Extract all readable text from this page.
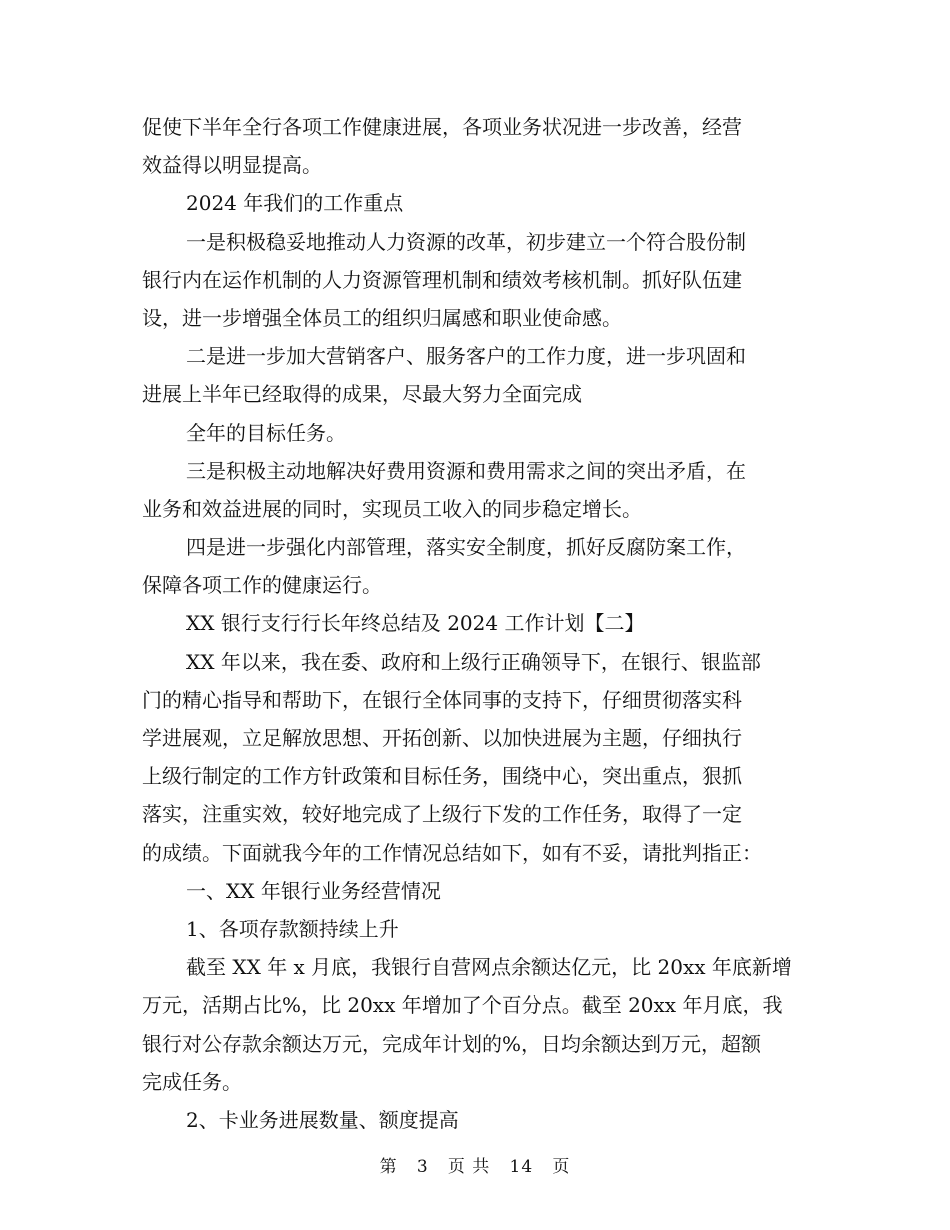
促使下半年全行各项工作健康进展，各项业务状况进一步改善，经营
效益得以明显提高。
2024 年我们的工作重点
一是积极稳妥地推动人力资源的改革，初步建立一个符合股份制
银行内在运作机制的人力资源管理机制和绩效考核机制。抓好队伍建
设，进一步增强全体员工的组织归属感和职业使命感。
二是进一步加大营销客户、服务客户的工作力度，进一步巩固和
进展上半年已经取得的成果，尽最大努力全面完成
全年的目标任务。
三是积极主动地解决好费用资源和费用需求之间的突出矛盾，在
业务和效益进展的同时，实现员工收入的同步稳定增长。
四是进一步强化内部管理，落实安全制度，抓好反腐防案工作，
保障各项工作的健康运行。
XX 银行支行行长年终总结及 2024 工作计划【二】
XX 年以来，我在委、政府和上级行正确领导下，在银行、银监部
门的精心指导和帮助下，在银行全体同事的支持下，仔细贯彻落实科
学进展观，立足解放思想、开拓创新、以加快进展为主题，仔细执行
上级行制定的工作方针政策和目标任务，围绕中心，突出重点，狠抓
落实，注重实效，较好地完成了上级行下发的工作任务，取得了一定
的成绩。下面就我今年的工作情况总结如下，如有不妥，请批判指正：
一、XX 年银行业务经营情况
1、各项存款额持续上升
截至 XX 年 x 月底，我银行自营网点余额达亿元，比 20xx 年底新增
万元，活期占比%，比 20xx 年增加了个百分点。截至 20xx 年月底，我
银行对公存款余额达万元，完成年计划的%，日均余额达到万元，超额
完成任务。
2、卡业务进展数量、额度提高

第 3 页 共 14 页
